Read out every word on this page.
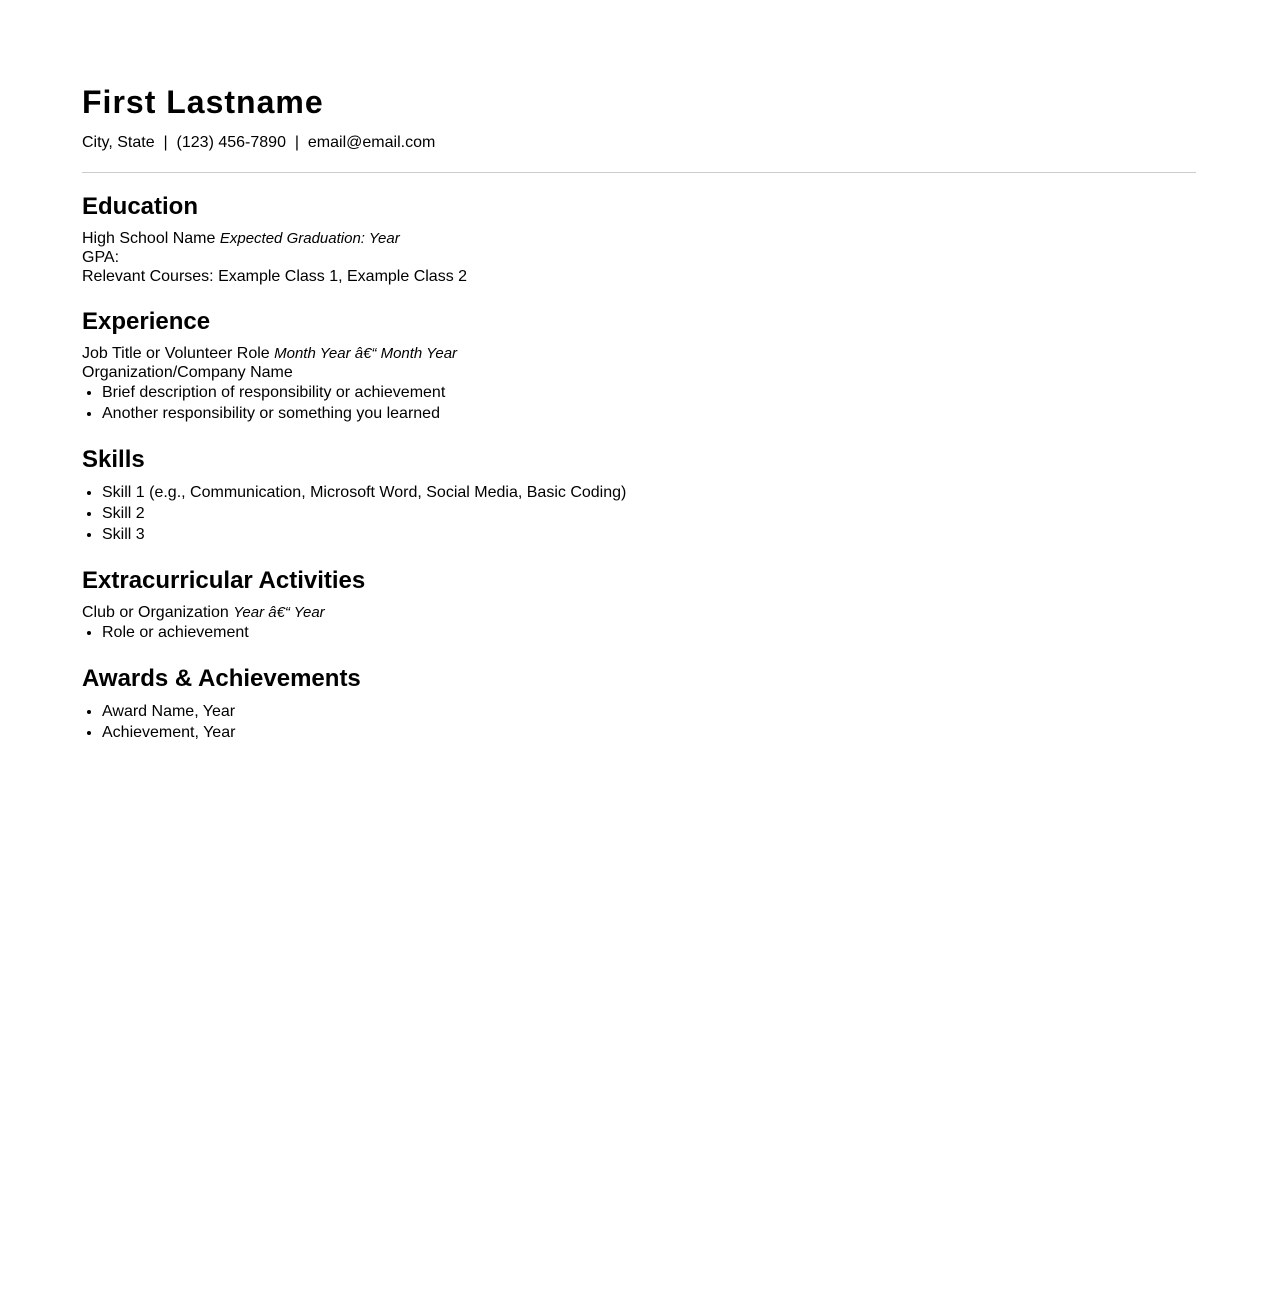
First Lastname
City, State  |  (123) 456-7890  |  email@email.com
Education
High School Name Expected Graduation: Year
GPA:
Relevant Courses: Example Class 1, Example Class 2
Experience
Job Title or Volunteer Role Month Year â€“ Month Year
Organization/Company Name
• Brief description of responsibility or achievement
• Another responsibility or something you learned
Skills
• Skill 1 (e.g., Communication, Microsoft Word, Social Media, Basic Coding)
• Skill 2
• Skill 3
Extracurricular Activities
Club or Organization Year â€“ Year
• Role or achievement
Awards & Achievements
• Award Name, Year
• Achievement, Year
